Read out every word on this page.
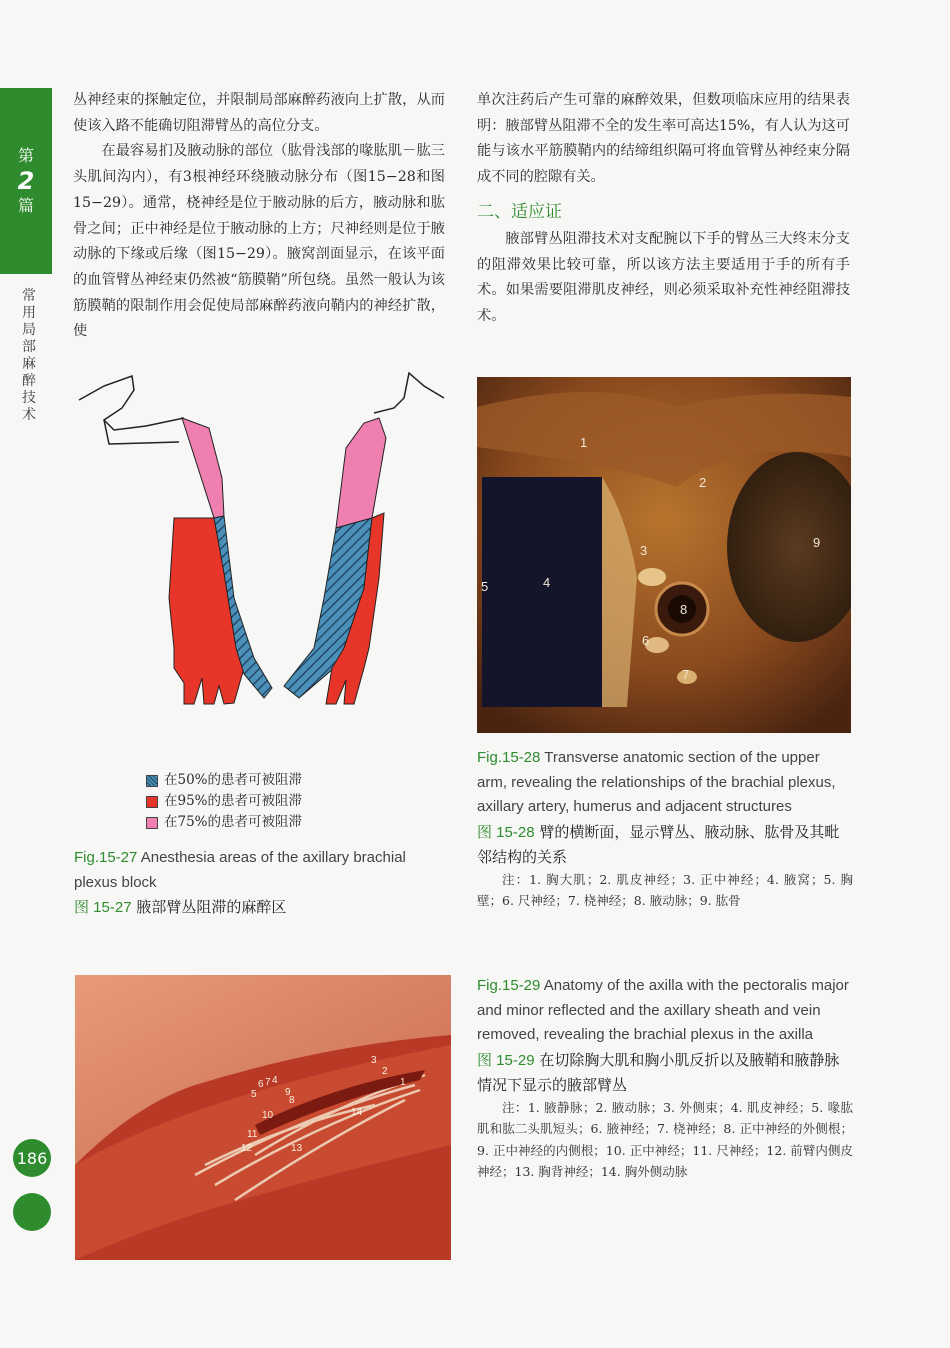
第
2
篇
常用局部麻醉技术
186

丛神经束的探触定位，并限制局部麻醉药液向上扩散，从而使该入路不能确切阻滞臂丛的高位分支。

在最容易扪及腋动脉的部位（肱骨浅部的喙肱肌－肱三头肌间沟内），有3根神经环绕腋动脉分布（图15−28和图15−29）。通常，桡神经是位于腋动脉的后方，腋动脉和肱骨之间；正中神经是位于腋动脉的上方；尺神经则是位于腋动脉的下缘或后缘（图15−29）。腋窝剖面显示，在该平面的血管臂丛神经束仍然被“筋膜鞘”所包绕。虽然一般认为该筋膜鞘的限制作用会促使局部麻醉药液向鞘内的神经扩散，使

单次注药后产生可靠的麻醉效果，但数项临床应用的结果表明：腋部臂丛阻滞不全的发生率可高达15%，有人认为这可能与该水平筋膜鞘内的结缔组织隔可将血管臂丛神经束分隔成不同的腔隙有关。

二、适应证

腋部臂丛阻滞技术对支配腕以下手的臂丛三大终末分支的阻滞效果比较可靠，所以该方法主要适用于手的所有手术。如果需要阻滞肌皮神经，则必须采取补充性神经阻滞技术。

在50%的患者可被阻滞
在95%的患者可被阻滞
在75%的患者可被阻滞
Fig.15-27 Anesthesia areas of the axillary brachial plexus block
图 15-27 腋部臂丛阻滞的麻醉区
1
2
3
4
5
6
7
8
9
Fig.15-28 Transverse anatomic section of the upper arm, revealing the relationships of the brachial plexus, axillary artery, humerus and adjacent structures
图 15-28 臂的横断面，显示臂丛、腋动脉、肱骨及其毗邻结构的关系
注：1. 胸大肌；2. 肌皮神经；3. 正中神经；4. 腋窝；5. 胸壁；6. 尺神经；7. 桡神经；8. 腋动脉；9. 肱骨
1
2
3
4
5
6 7
8
9
10
11
12	13
14
Fig.15-29 Anatomy of the axilla with the pectoralis major and minor reflected and the axillary sheath and vein removed, revealing the brachial plexus in the axilla
图 15-29 在切除胸大肌和胸小肌反折以及腋鞘和腋静脉情况下显示的腋部臂丛
注：1. 腋静脉；2. 腋动脉；3. 外侧束；4. 肌皮神经；5. 喙肱肌和肱二头肌短头；6. 腋神经；7. 桡神经；8. 正中神经的外侧根；9. 正中神经的内侧根；10. 正中神经；11. 尺神经；12. 前臂内侧皮神经；13. 胸背神经；14. 胸外侧动脉
